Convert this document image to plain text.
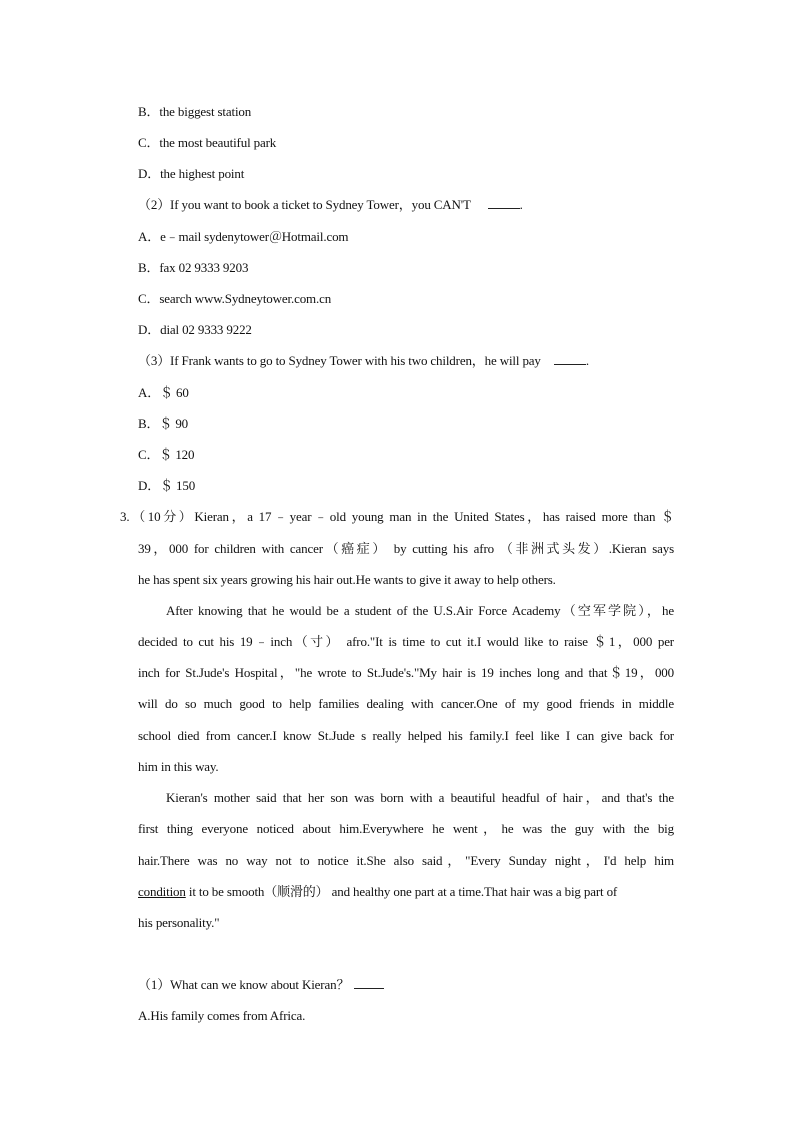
B．the biggest station
C．the most beautiful park
D．the highest point
（2）If you want to book a ticket to Sydney Tower，you CAN'T	.
A．e﹣mail sydenytower＠Hotmail.com
B．fax 02 9333 9203
C．search www.Sydneytower.com.cn
D．dial 02 9333 9222
（3）If Frank wants to go to Sydney Tower with his two children，he will pay	.
A．＄ 60
B．＄ 90
C．＄ 120
D．＄ 150
3.（10分）Kieran，a 17﹣year﹣old young man in the United States，has raised more than ＄
39，000 for children with cancer（癌症） by cutting his afro （非洲式头发）.Kieran says
he has spent six years growing his hair out.He wants to give it away to help others.
After knowing that he would be a student of the U.S.Air Force Academy（空军学院），he
decided to cut his 19﹣inch（寸） afro."It is time to cut it.I would like to raise ＄1，000 per
inch for St.Jude's Hospital，"he wrote to St.Jude's."My hair is 19 inches long and that＄19，000
will do so much good to help families dealing with cancer.One of my good friends in middle
school died from cancer.I know St.Jude s really helped his family.I feel like I can give back for
him in this way.
Kieran's mother said that her son was born with a beautiful headful of hair，and that's the
first thing everyone noticed about him.Everywhere he went，he was the guy with the big
hair.There was no way not to notice it.She also said，"Every Sunday night，I'd help him
condition it to be smooth（顺滑的） and healthy one part at a time.That hair was a big part of
his personality."
（1）What can we know about Kieran？
A.His family comes from Africa.
